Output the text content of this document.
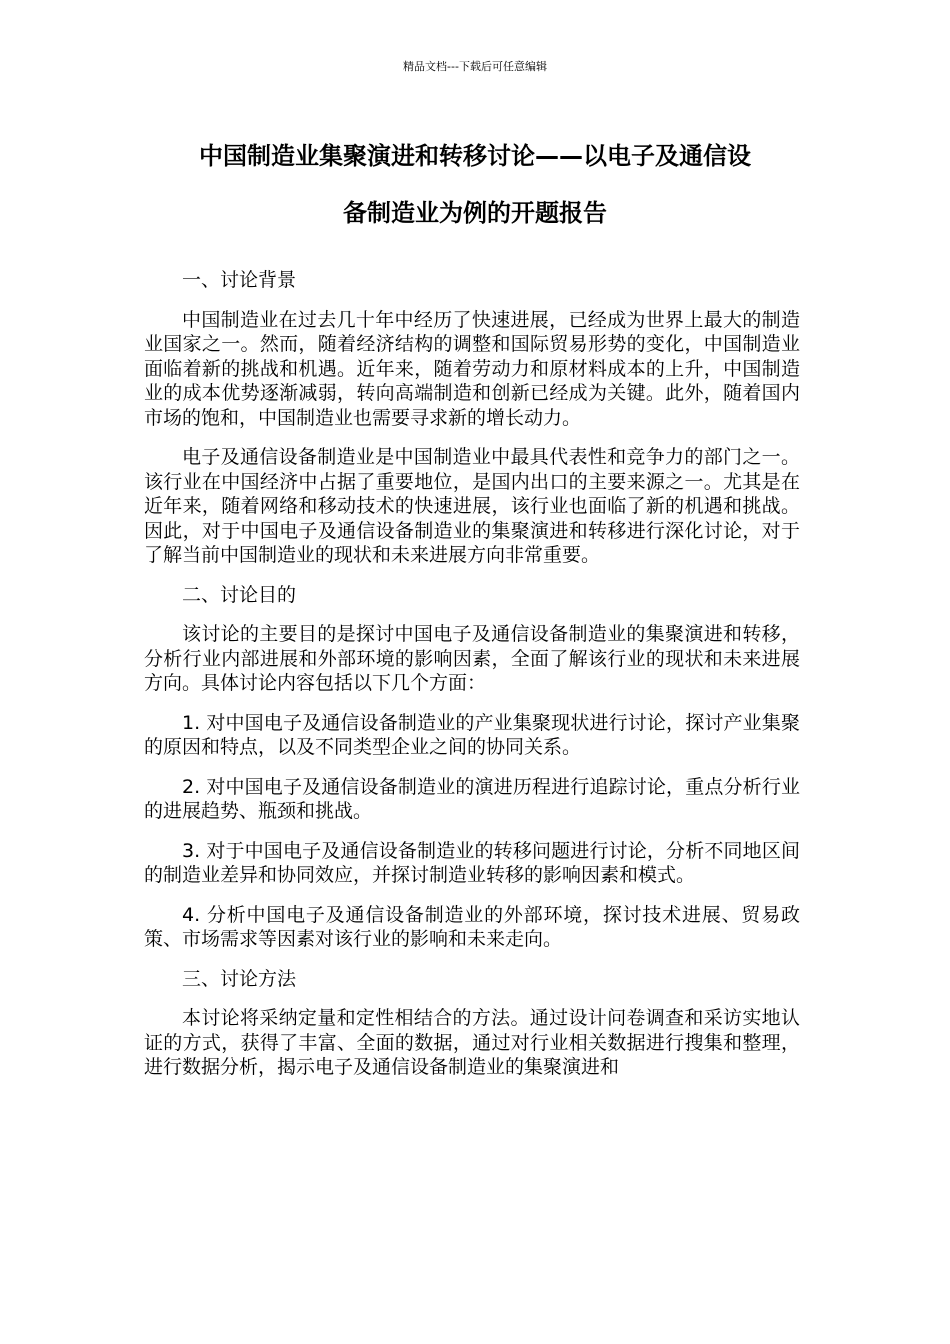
精品文档---下载后可任意编辑
中国制造业集聚演进和转移讨论——以电子及通信设
备制造业为例的开题报告
一、讨论背景

中国制造业在过去几十年中经历了快速进展，已经成为世界上最大的制造业国家之一。然而，随着经济结构的调整和国际贸易形势的变化，中国制造业面临着新的挑战和机遇。近年来，随着劳动力和原材料成本的上升，中国制造业的成本优势逐渐减弱，转向高端制造和创新已经成为关键。此外，随着国内市场的饱和，中国制造业也需要寻求新的增长动力。

电子及通信设备制造业是中国制造业中最具代表性和竞争力的部门之一。该行业在中国经济中占据了重要地位，是国内出口的主要来源之一。尤其是在近年来，随着网络和移动技术的快速进展，该行业也面临了新的机遇和挑战。因此，对于中国电子及通信设备制造业的集聚演进和转移进行深化讨论，对于了解当前中国制造业的现状和未来进展方向非常重要。

二、讨论目的

该讨论的主要目的是探讨中国电子及通信设备制造业的集聚演进和转移，分析行业内部进展和外部环境的影响因素，全面了解该行业的现状和未来进展方向。具体讨论内容包括以下几个方面：

1. 对中国电子及通信设备制造业的产业集聚现状进行讨论，探讨产业集聚的原因和特点，以及不同类型企业之间的协同关系。

2. 对中国电子及通信设备制造业的演进历程进行追踪讨论，重点分析行业的进展趋势、瓶颈和挑战。

3. 对于中国电子及通信设备制造业的转移问题进行讨论，分析不同地区间的制造业差异和协同效应，并探讨制造业转移的影响因素和模式。

4. 分析中国电子及通信设备制造业的外部环境，探讨技术进展、贸易政策、市场需求等因素对该行业的影响和未来走向。

三、讨论方法

本讨论将采纳定量和定性相结合的方法。通过设计问卷调查和采访实地认证的方式，获得了丰富、全面的数据，通过对行业相关数据进行搜集和整理，进行数据分析，揭示电子及通信设备制造业的集聚演进和
